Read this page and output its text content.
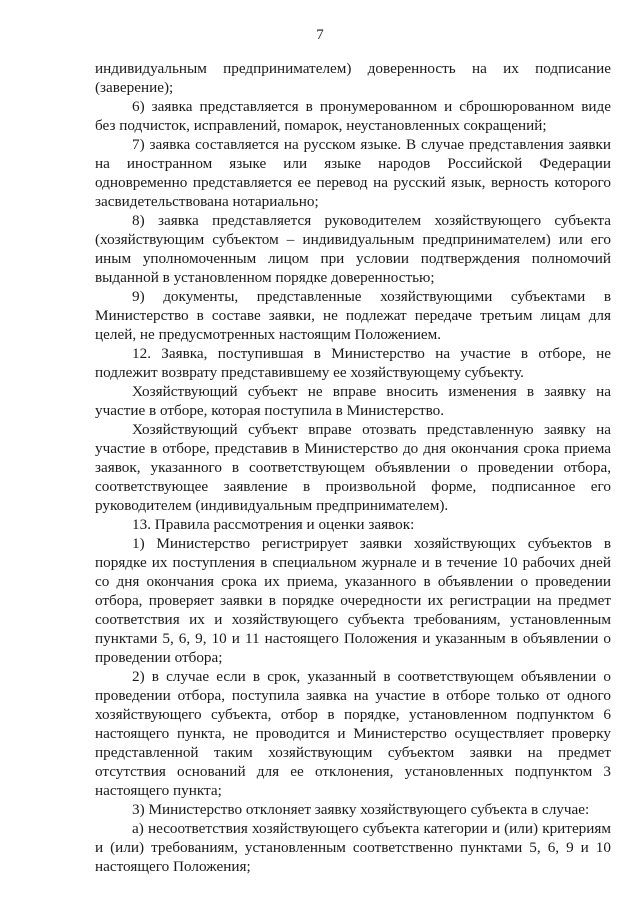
7

индивидуальным предпринимателем) доверенность на их подписание (заверение);

6) заявка представляется в пронумерованном и сброшюрованном виде без подчисток, исправлений, помарок, неустановленных сокращений;

7) заявка составляется на русском языке. В случае представления заявки на иностранном языке или языке народов Российской Федерации одновременно представляется ее перевод на русский язык, верность которого засвидетельствована нотариально;

8) заявка представляется руководителем хозяйствующего субъекта (хозяйствующим субъектом – индивидуальным предпринимателем) или его иным уполномоченным лицом при условии подтверждения полномочий выданной в установленном порядке доверенностью;

9) документы, представленные хозяйствующими субъектами в Министерство в составе заявки, не подлежат передаче третьим лицам для целей, не предусмотренных настоящим Положением.

12. Заявка, поступившая в Министерство на участие в отборе, не подлежит возврату представившему ее хозяйствующему субъекту.

Хозяйствующий субъект не вправе вносить изменения в заявку на участие в отборе, которая поступила в Министерство.

Хозяйствующий субъект вправе отозвать представленную заявку на участие в отборе, представив в Министерство до дня окончания срока приема заявок, указанного в соответствующем объявлении о проведении отбора, соответствующее заявление в произвольной форме, подписанное его руководителем (индивидуальным предпринимателем).

13. Правила рассмотрения и оценки заявок:

1) Министерство регистрирует заявки хозяйствующих субъектов в порядке их поступления в специальном журнале и в течение 10 рабочих дней со дня окончания срока их приема, указанного в объявлении о проведении отбора, проверяет заявки в порядке очередности их регистрации на предмет соответствия их и хозяйствующего субъекта требованиям, установленным пунктами 5, 6, 9, 10 и 11 настоящего Положения и указанным в объявлении о проведении отбора;

2) в случае если в срок, указанный в соответствующем объявлении о проведении отбора, поступила заявка на участие в отборе только от одного хозяйствующего субъекта, отбор в порядке, установленном подпунктом 6 настоящего пункта, не проводится и Министерство осуществляет проверку представленной таким хозяйствующим субъектом заявки на предмет отсутствия оснований для ее отклонения, установленных подпунктом 3 настоящего пункта;

3) Министерство отклоняет заявку хозяйствующего субъекта в случае:

а) несоответствия хозяйствующего субъекта категории и (или) критериям и (или) требованиям, установленным соответственно пунктами 5, 6, 9 и 10 настоящего Положения;
